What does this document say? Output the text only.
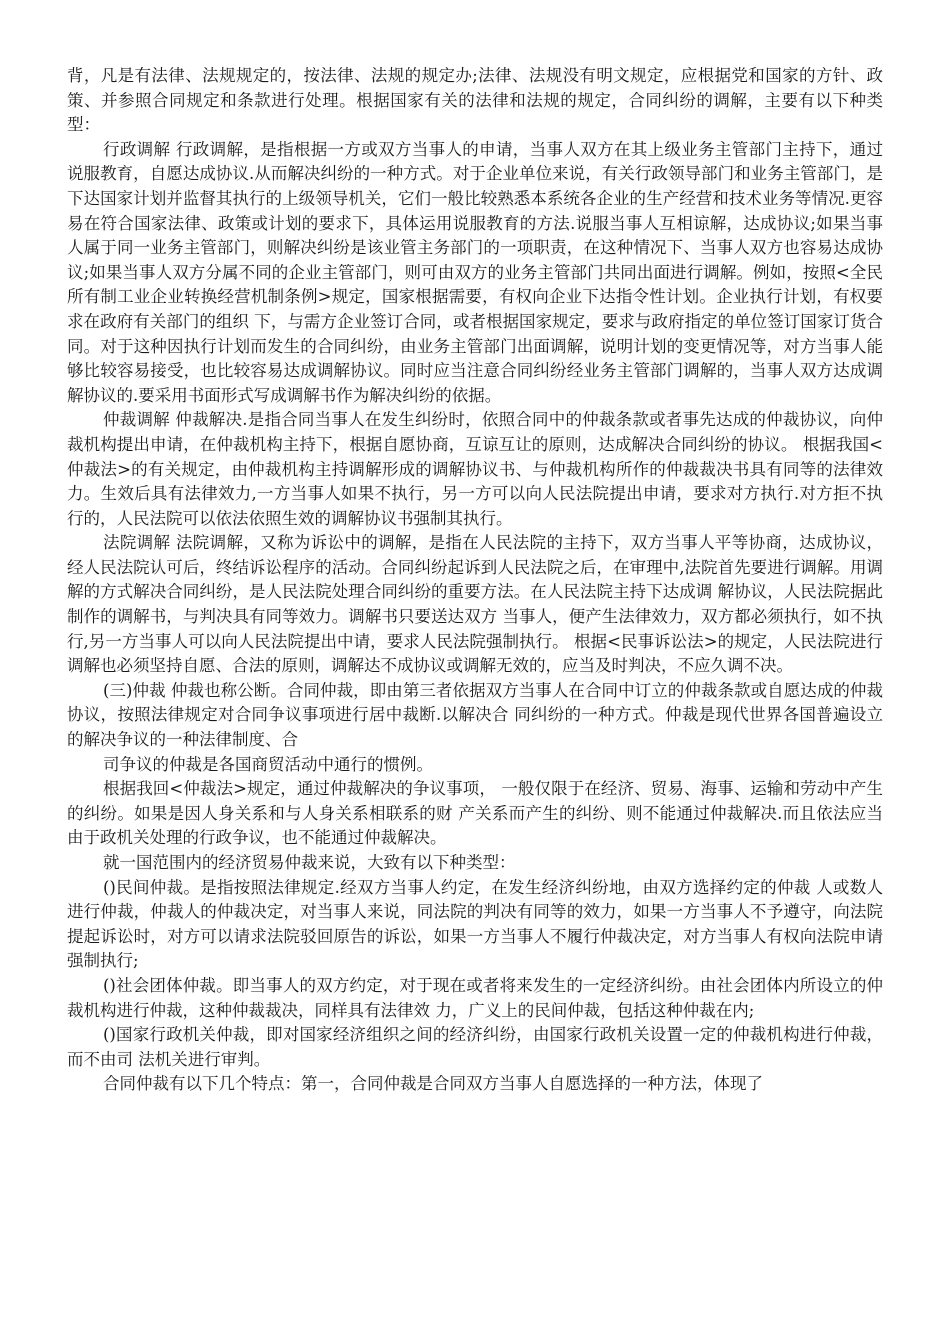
背，凡是有法律、法规规定的，按法律、法规的规定办;法律、法规没有明文规定，应根据党和国家的方针、政策、并参照合同规定和条款进行处理。根据国家有关的法律和法规的规定，合同纠纷的调解，主要有以下种类型：

行政调解 行政调解，是指根据一方或双方当事人的申请，当事人双方在其上级业务主管部门主持下，通过说服教育，自愿达成协议.从而解决纠纷的一种方式。对于企业单位来说，有关行政领导部门和业务主管部门，是下达国家计划并监督其执行的上级领导机关，它们一般比较熟悉本系统各企业的生产经营和技术业务等情况.更容易在符合国家法律、政策或计划的要求下，具体运用说服教育的方法.说服当事人互相谅解，达成协议;如果当事人属于同一业务主管部门，则解决纠纷是该业管主务部门的一项职责，在这种情况下、当事人双方也容易达成协议;如果当事人双方分属不同的企业主管部门，则可由双方的业务主管部门共同出面进行调解。例如，按照<全民所有制工业企业转换经营机制条例>规定，国家根据需要，有权向企业下达指令性计划。企业执行计划，有权要求在政府有关部门的组织 下，与需方企业签订合同，或者根据国家规定，要求与政府指定的单位签订国家订货合同。对于这种因执行计划而发生的合同纠纷，由业务主管部门出面调解，说明计划的变更情况等，对方当事人能够比较容易接受，也比较容易达成调解协议。同时应当注意合同纠纷经业务主管部门调解的，当事人双方达成调解协议的.要采用书面形式写成调解书作为解决纠纷的依据。

仲裁调解 仲裁解决.是指合同当事人在发生纠纷时，依照合同中的仲裁条款或者事先达成的仲裁协议，向仲裁机构提出申请，在仲裁机构主持下，根据自愿协商，互谅互让的原则，达成解决合同纠纷的协议。 根据我国<仲裁法>的有关规定，由仲裁机构主持调解形成的调解协议书、与仲裁机构所作的仲裁裁决书具有同等的法律效力。生效后具有法律效力,一方当事人如果不执行，另一方可以向人民法院提出申请，要求对方执行.对方拒不执行的，人民法院可以依法依照生效的调解协议书强制其执行。

法院调解 法院调解，又称为诉讼中的调解，是指在人民法院的主持下，双方当事人平等协商，达成协议，经人民法院认可后，终结诉讼程序的活动。合同纠纷起诉到人民法院之后，在审理中,法院首先要进行调解。用调解的方式解决合同纠纷，是人民法院处理合同纠纷的重要方法。在人民法院主持下达成调 解协议，人民法院据此制作的调解书，与判决具有同等效力。调解书只要送达双方 当事人，便产生法律效力，双方都必须执行，如不执行,另一方当事人可以向人民法院提出中请，要求人民法院强制执行。 根据<民事诉讼法>的规定，人民法院进行调解也必须坚持自愿、合法的原则，调解达不成协议或调解无效的，应当及时判决，不应久调不决。

(三)仲裁 仲裁也称公断。合同仲裁，即由第三者依据双方当事人在合同中订立的仲裁条款或自愿达成的仲裁协议，按照法律规定对合同争议事项进行居中裁断.以解决合 同纠纷的一种方式。仲裁是现代世界各国普遍设立的解决争议的一种法律制度、合

司争议的仲裁是各国商贸活动中通行的惯例。

根据我回<仲裁法>规定，通过仲裁解决的争议事项， 一般仅限于在经济、贸易、海事、运输和劳动中产生的纠纷。如果是因人身关系和与人身关系相联系的财 产关系而产生的纠纷、则不能通过仲裁解决.而且依法应当由于政机关处理的行政争议，也不能通过仲裁解决。

就一国范围内的经济贸易仲裁来说，大致有以下种类型：

()民间仲裁。是指按照法律规定.经双方当事人约定，在发生经济纠纷地，由双方选择约定的仲裁 人或数人进行仲裁，仲裁人的仲裁决定，对当事人来说，同法院的判决有同等的效力，如果一方当事人不予遵守，向法院提起诉讼时，对方可以请求法院驳回原告的诉讼，如果一方当事人不履行仲裁决定，对方当事人有权向法院申请强制执行;

()社会团体仲裁。即当事人的双方约定，对于现在或者将来发生的一定经济纠纷。由社会团体内所设立的仲裁机构进行仲裁，这种仲裁裁决，同样具有法律效 力，广义上的民间仲裁，包括这种仲裁在内;

()国家行政机关仲裁，即对国家经济组织之间的经济纠纷，由国家行政机关设置一定的仲裁机构进行仲裁，而不由司 法机关进行审判。

合同仲裁有以下几个特点：第一，合同仲裁是合同双方当事人自愿选择的一种方法，体现了
